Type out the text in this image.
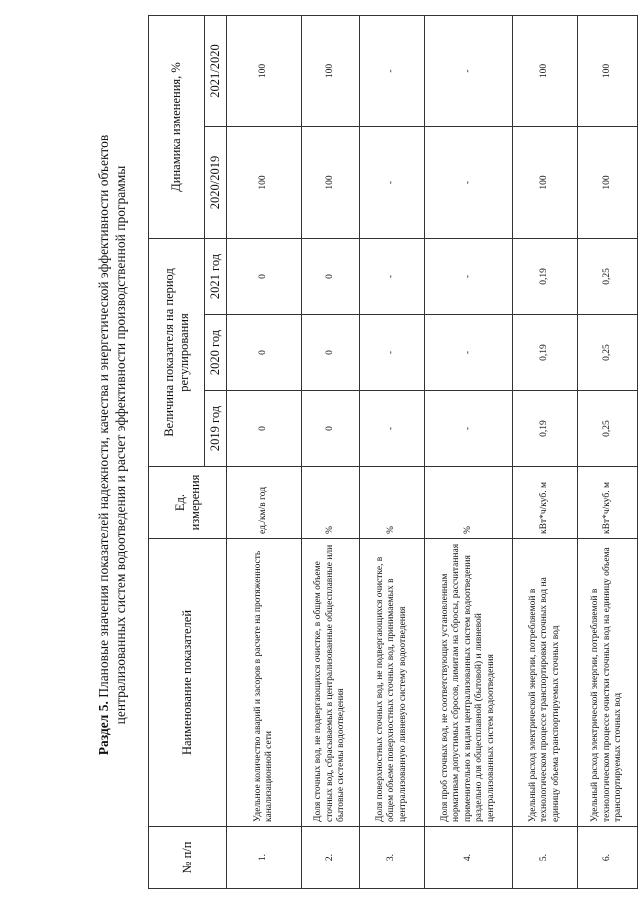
Раздел 5. Плановые значения показателей надежности, качества и энергетической эффективности объектов централизованных систем водоотведения и расчет эффективности производственной программы
№ п/п	Наименование показателей	Ед. измерения	Величина показателя на период регулирования			Динамика изменения, %	
			2019 год	2020 год	2021 год	2020/2019	2021/2020
1.	Удельное количество аварий и засоров в расчете на протяженность канализационной сети	ед./км/в год	0	0	0	100	100
2.	Доля сточных вод, не подвергающихся очистке, в общем объеме сточных вод, сбрасываемых в централизованные общесплавные или бытовые системы водоотведения	%	0	0	0	100	100
3.	Доля поверхностных сточных вод, не подвергающихся очистке, в общем объеме поверхностных сточных вод, принимаемых в централизованную ливневую систему водоотведения	%	-	-	-	-	-
4.	Доля проб сточных вод, не соответствующих установленным нормативам допустимых сбросов, лимитам на сбросы, рассчитанная применительно к видам централизованных систем водоотведения раздельно для общесплавной (бытовой) и ливневой централизованных систем водоотведения	%	-	-	-	-	-
5.	Удельный расход электрической энергии, потребляемой в технологическом процессе транспортировки сточных вод на единицу объема транспортируемых сточных вод	кВт*ч/куб. м	0,19	0,19	0,19	100	100
6.	Удельный расход электрической энергии, потребляемой в технологическом процессе очистки сточных вод на единицу объема транспортируемых сточных вод	кВт*ч/куб. м	0,25	0,25	0,25	100	100
